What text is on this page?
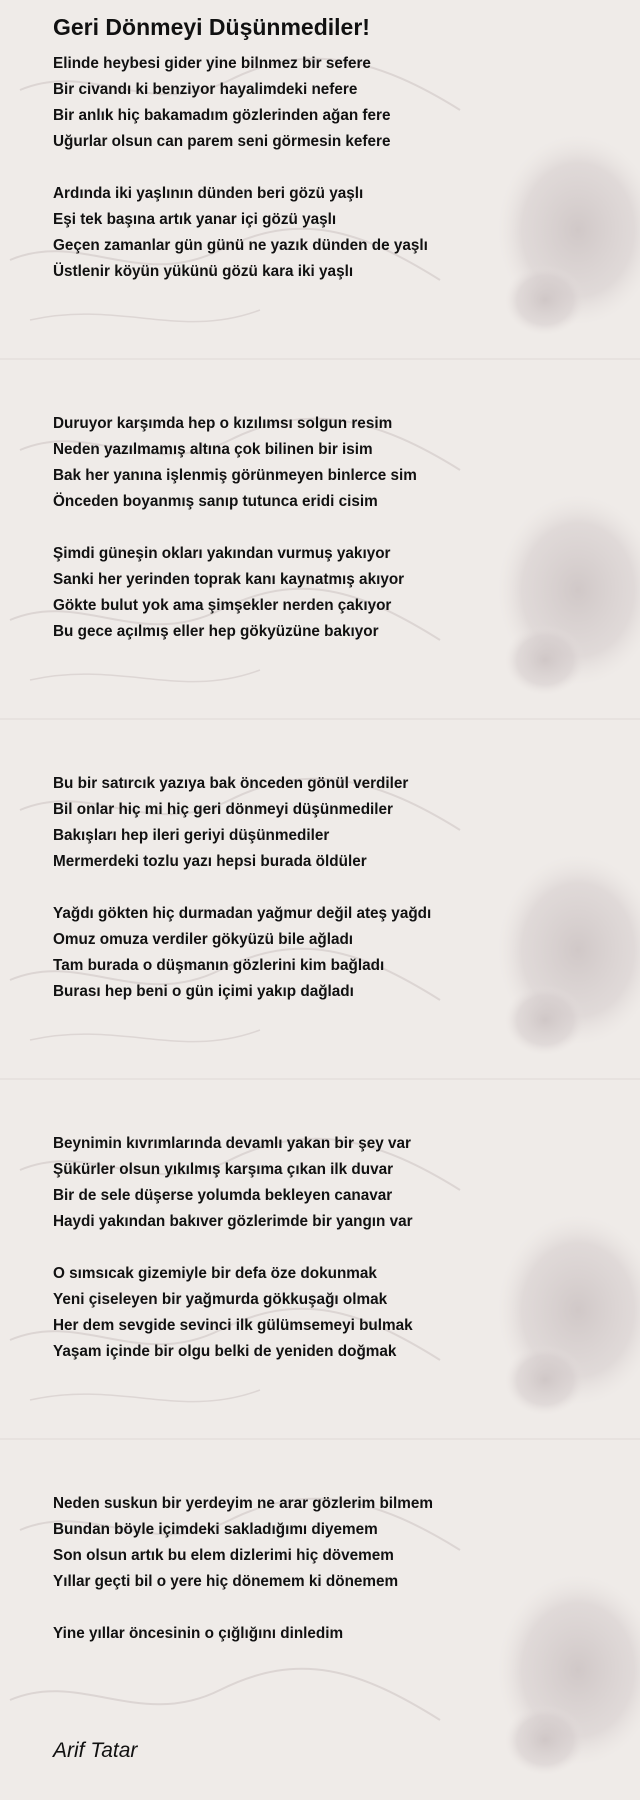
Geri Dönmeyi Düşünmediler!
Elinde heybesi gider yine bilnmez bir sefere
Bir civandı ki benziyor hayalimdeki nefere
Bir anlık hiç bakamadım gözlerinden ağan fere
Uğurlar olsun can parem seni görmesin kefere
Ardında iki yaşlının dünden beri gözü yaşlı
Eşi tek başına artık yanar içi gözü yaşlı
Geçen zamanlar gün günü ne yazık dünden de yaşlı
Üstlenir köyün yükünü gözü kara iki yaşlı
Duruyor karşımda hep o kızılımsı solgun resim
Neden yazılmamış altına çok bilinen bir isim
Bak her yanına işlenmiş görünmeyen binlerce sim
Önceden boyanmış sanıp tutunca eridi cisim
Şimdi güneşin okları yakından vurmuş yakıyor
Sanki her yerinden toprak kanı kaynatmış akıyor
Gökte bulut yok ama şimşekler nerden çakıyor
Bu gece açılmış eller hep gökyüzüne bakıyor
Bu bir satırcık yazıya bak önceden gönül verdiler
Bil onlar hiç mi hiç geri dönmeyi düşünmediler
Bakışları hep ileri geriyi düşünmediler
Mermerdeki tozlu yazı hepsi burada öldüler
Yağdı gökten hiç durmadan yağmur değil ateş yağdı
Omuz omuza verdiler gökyüzü bile ağladı
Tam burada o düşmanın gözlerini kim bağladı
Burası hep beni o gün içimi yakıp dağladı
Beynimin kıvrımlarında devamlı yakan bir şey var
Şükürler olsun yıkılmış karşıma çıkan ilk duvar
Bir de sele düşerse yolumda bekleyen canavar
Haydi yakından bakıver gözlerimde bir yangın var
O sımsıcak gizemiyle bir defa öze dokunmak
Yeni çiseleyen bir yağmurda gökkuşağı olmak
Her dem sevgide sevinci ilk gülümsemeyi bulmak
Yaşam içinde bir olgu belki de yeniden doğmak
Neden suskun bir yerdeyim ne arar gözlerim bilmem
Bundan böyle içimdeki sakladığımı diyemem
Son olsun artık bu elem dizlerimi hiç dövemem
Yıllar geçti bil o yere hiç dönemem ki dönemem
Yine yıllar öncesinin o çığlığını dinledim
Arif Tatar
